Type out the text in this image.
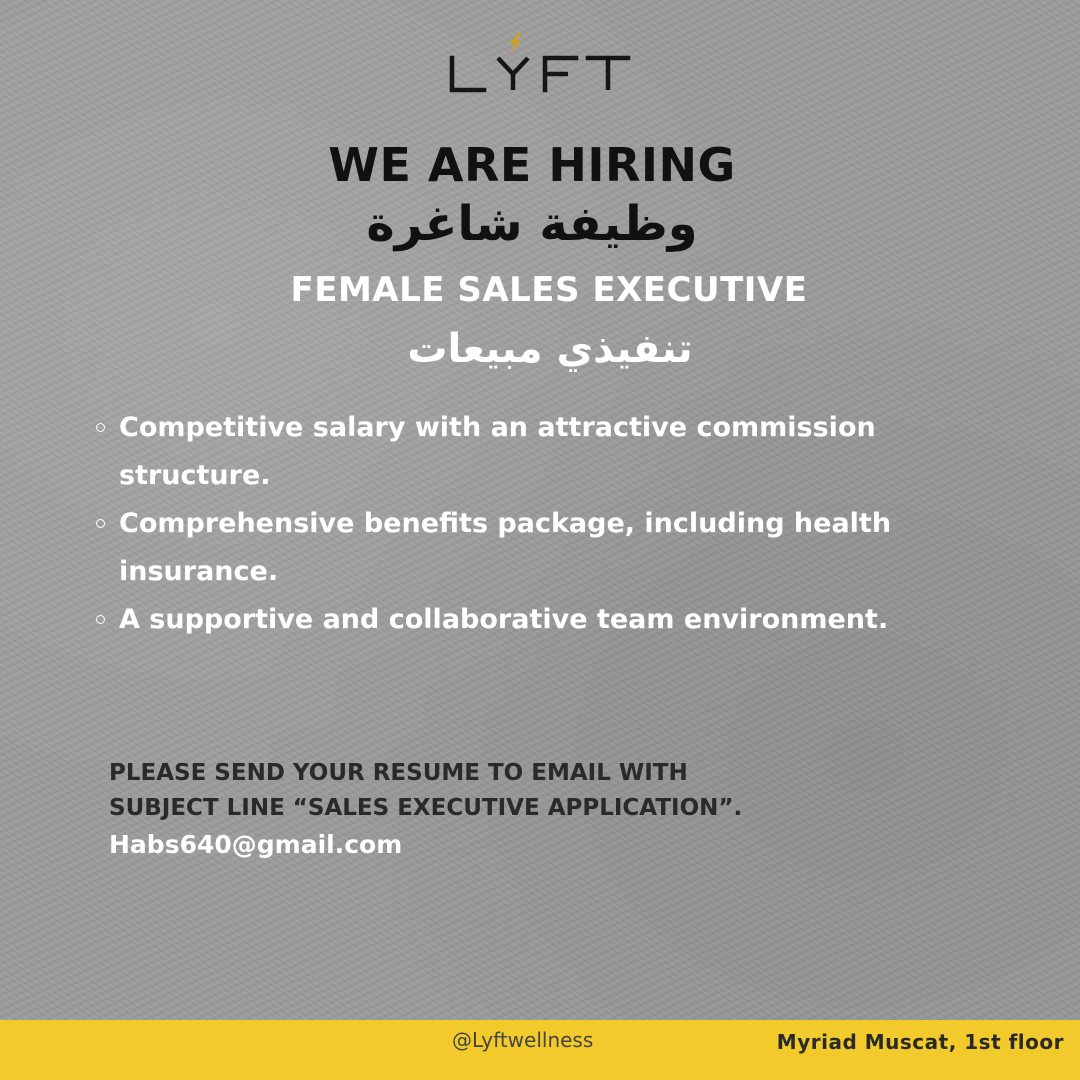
WE ARE HIRING
وظيفة شاغرة
FEMALE SALES EXECUTIVE
تنفيذي مبيعات
Competitive salary with an attractive commission structure.
Comprehensive benefits package, including health insurance.
A supportive and collaborative team environment.
PLEASE SEND YOUR RESUME TO EMAIL WITH
SUBJECT LINE “SALES EXECUTIVE APPLICATION”.
Habs640@gmail.com
@Lyftwellness	Myriad Muscat, 1st floor
